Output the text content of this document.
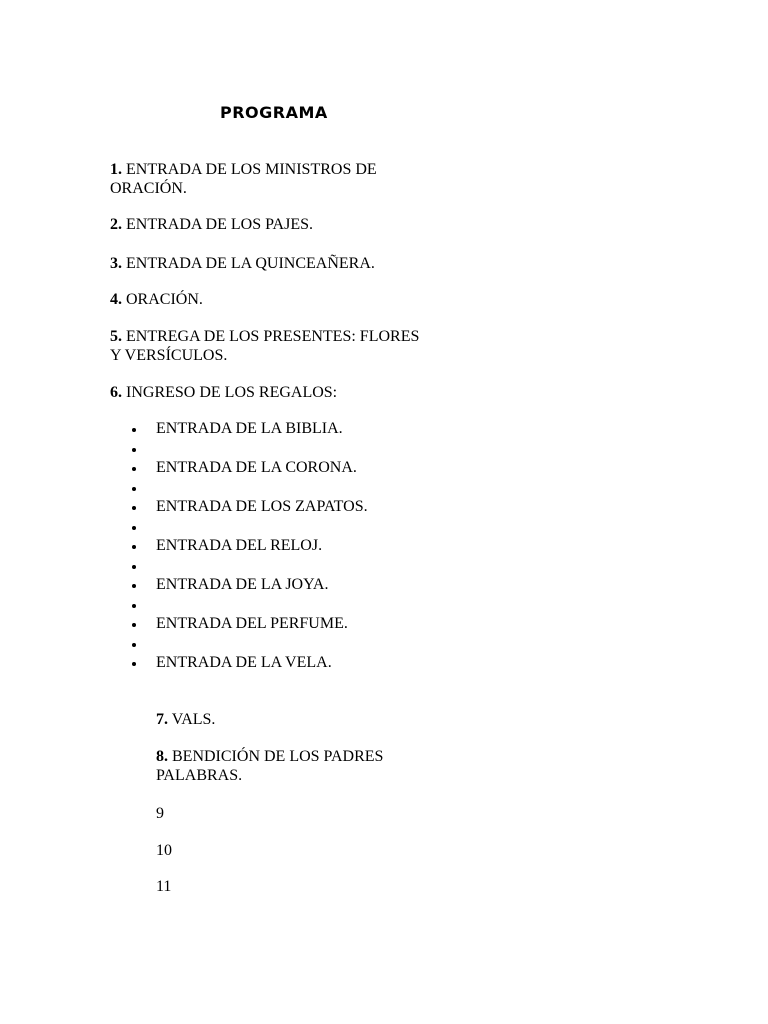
PROGRAMA
1. ENTRADA DE LOS MINISTROS DE ORACIÓN.
2. ENTRADA DE LOS PAJES.
3. ENTRADA DE LA QUINCEAÑERA.
4. ORACIÓN.
5. ENTREGA DE LOS PRESENTES: FLORES Y VERSÍCULOS.
6. INGRESO DE LOS REGALOS:
ENTRADA DE LA BIBLIA.
ENTRADA DE LA CORONA.
ENTRADA DE LOS ZAPATOS.
ENTRADA DEL RELOJ.
ENTRADA DE LA JOYA.
ENTRADA DEL PERFUME.
ENTRADA DE LA VELA.
7. VALS.
8. BENDICIÓN DE LOS PADRES PALABRAS.
9
10
11
